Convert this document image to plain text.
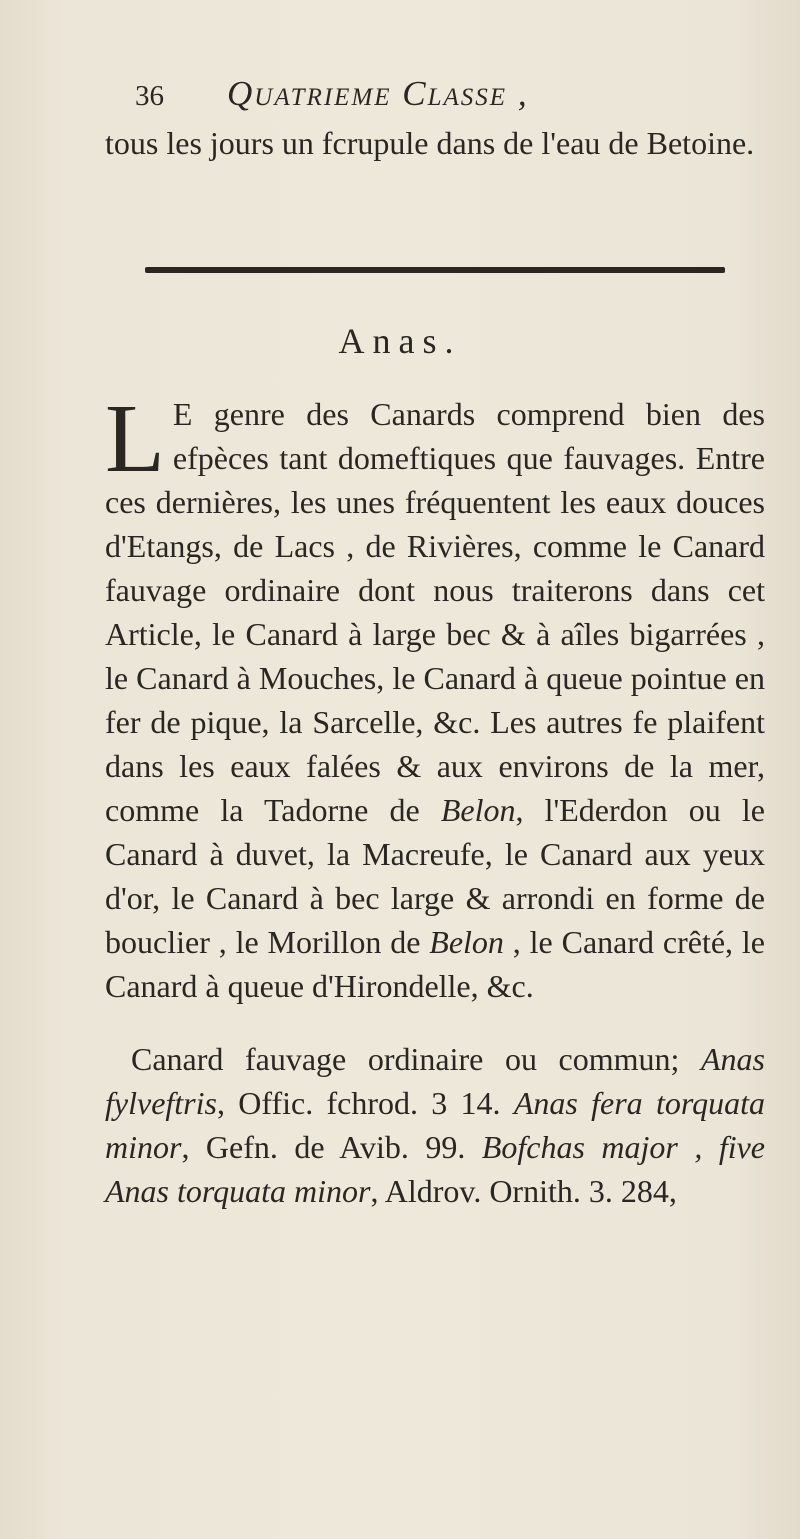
36 Quatrieme Classe ,
tous les jours un fcrupule dans de l'eau de Betoine.
Anas.
L E genre des Canards comprend bien des efpèces tant domeftiques que fauvages. Entre ces dernières, les unes fréquentent les eaux douces d'Etangs, de Lacs , de Rivières, comme le Canard fauvage ordinaire dont nous traiterons dans cet Article, le Canard à large bec & à aîles bigarrées , le Canard à Mouches, le Canard à queue pointue en fer de pique, la Sarcelle, &c. Les autres fe plaifent dans les eaux falées & aux environs de la mer, comme la Tadorne de Belon, l'Ederdon ou le Canard à duvet, la Macreufe, le Canard aux yeux d'or, le Canard à bec large & arrondi en forme de bouclier , le Morillon de Belon , le Canard crêté, le Canard à queue d'Hirondelle, &c.
Canard fauvage ordinaire ou commun; Anas fylveftris, Offic. fchrod. 3 14. Anas fera torquata minor, Gefn. de Avib. 99. Bofchas major , five Anas torquata minor, Aldrov. Ornith. 3. 284,
